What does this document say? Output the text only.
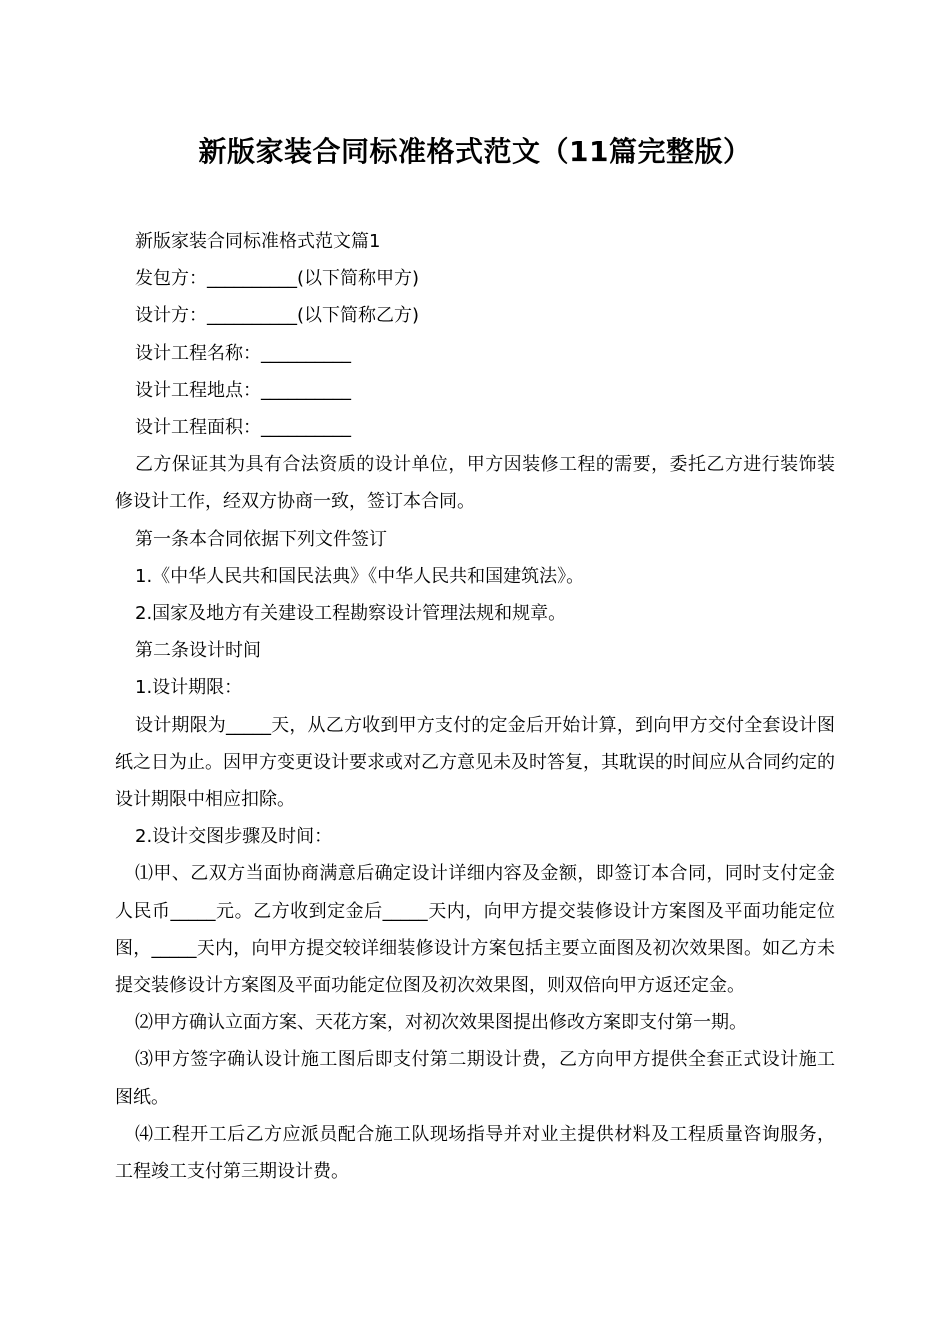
新版家装合同标准格式范文（11篇完整版）

新版家装合同标准格式范文篇1

发包方：__________(以下简称甲方)

设计方：__________(以下简称乙方)

设计工程名称：__________

设计工程地点：__________

设计工程面积：__________

乙方保证其为具有合法资质的设计单位，甲方因装修工程的需要，委托乙方进行装饰装修设计工作，经双方协商一致，签订本合同。

第一条本合同依据下列文件签订

1.《中华人民共和国民法典》《中华人民共和国建筑法》。

2.国家及地方有关建设工程勘察设计管理法规和规章。

第二条设计时间

1.设计期限：

设计期限为_____天，从乙方收到甲方支付的定金后开始计算，到向甲方交付全套设计图纸之日为止。因甲方变更设计要求或对乙方意见未及时答复，其耽误的时间应从合同约定的设计期限中相应扣除。

2.设计交图步骤及时间：

⑴甲、乙双方当面协商满意后确定设计详细内容及金额，即签订本合同，同时支付定金人民币_____元。乙方收到定金后_____天内，向甲方提交装修设计方案图及平面功能定位图，_____天内，向甲方提交较详细装修设计方案包括主要立面图及初次效果图。如乙方未提交装修设计方案图及平面功能定位图及初次效果图，则双倍向甲方返还定金。

⑵甲方确认立面方案、天花方案，对初次效果图提出修改方案即支付第一期。

⑶甲方签字确认设计施工图后即支付第二期设计费，乙方向甲方提供全套正式设计施工图纸。

⑷工程开工后乙方应派员配合施工队现场指导并对业主提供材料及工程质量咨询服务，工程竣工支付第三期设计费。
